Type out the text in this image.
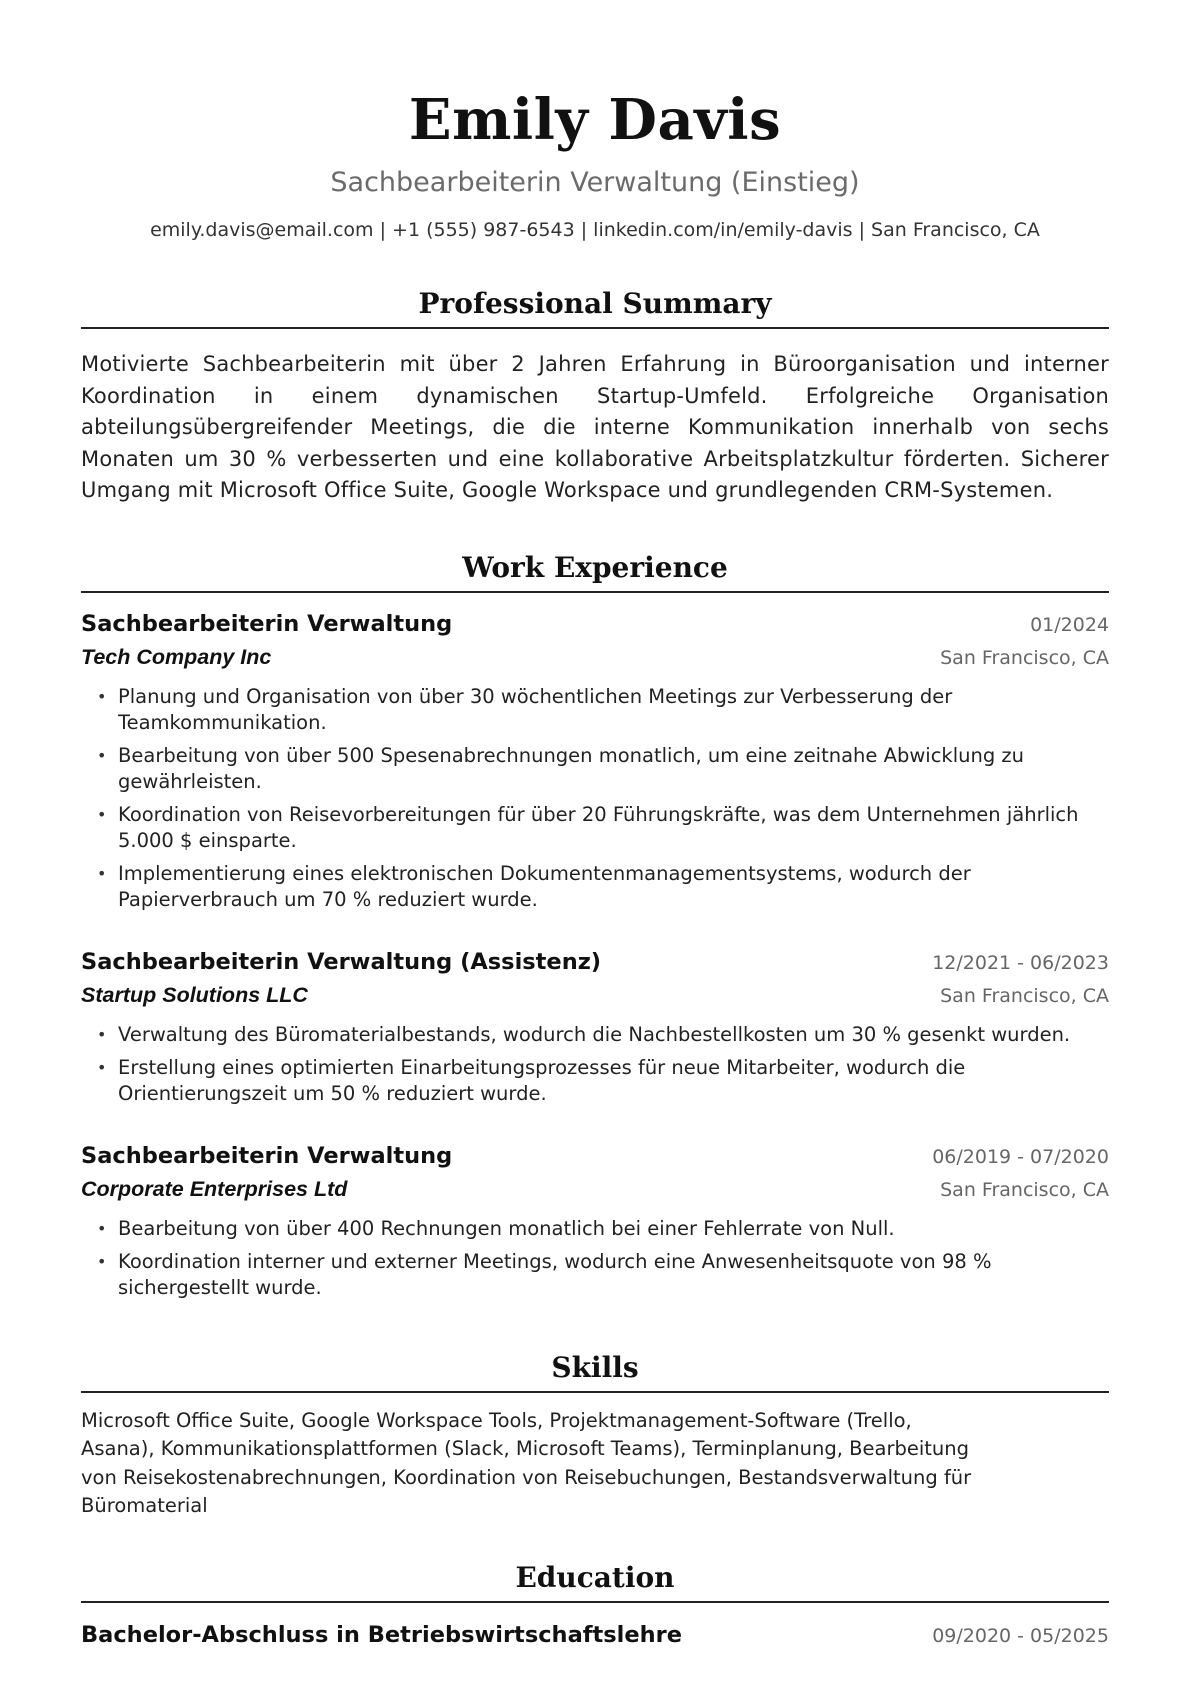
Emily Davis
Sachbearbeiterin Verwaltung (Einstieg)
emily.davis@email.com | +1 (555) 987-6543 | linkedin.com/in/emily-davis | San Francisco, CA
Professional Summary
Motivierte Sachbearbeiterin mit über 2 Jahren Erfahrung in Büroorganisation und interner Koordination in einem dynamischen Startup-Umfeld. Erfolgreiche Organisation abteilungsübergreifender Meetings, die die interne Kommunikation innerhalb von sechs Monaten um 30 % verbesserten und eine kollaborative Arbeitsplatzkultur förderten. Sicherer Umgang mit Microsoft Office Suite, Google Workspace und grundlegenden CRM-Systemen.
Work Experience
Sachbearbeiterin Verwaltung	01/2024
Tech Company Inc	San Francisco, CA
• Planung und Organisation von über 30 wöchentlichen Meetings zur Verbesserung der Teamkommunikation.
• Bearbeitung von über 500 Spesenabrechnungen monatlich, um eine zeitnahe Abwicklung zu gewährleisten.
• Koordination von Reisevorbereitungen für über 20 Führungskräfte, was dem Unternehmen jährlich 5.000 $ einsparte.
• Implementierung eines elektronischen Dokumentenmanagementsystems, wodurch der Papierverbrauch um 70 % reduziert wurde.
Sachbearbeiterin Verwaltung (Assistenz)	12/2021 - 06/2023
Startup Solutions LLC	San Francisco, CA
• Verwaltung des Büromaterialbestands, wodurch die Nachbestellkosten um 30 % gesenkt wurden.
• Erstellung eines optimierten Einarbeitungsprozesses für neue Mitarbeiter, wodurch die Orientierungszeit um 50 % reduziert wurde.
Sachbearbeiterin Verwaltung	06/2019 - 07/2020
Corporate Enterprises Ltd	San Francisco, CA
• Bearbeitung von über 400 Rechnungen monatlich bei einer Fehlerrate von Null.
• Koordination interner und externer Meetings, wodurch eine Anwesenheitsquote von 98 % sichergestellt wurde.
Skills
Microsoft Office Suite, Google Workspace Tools, Projektmanagement-Software (Trello, Asana), Kommunikationsplattformen (Slack, Microsoft Teams), Terminplanung, Bearbeitung von Reisekostenabrechnungen, Koordination von Reisebuchungen, Bestandsverwaltung für Büromaterial
Education
Bachelor-Abschluss in Betriebswirtschaftslehre	09/2020 - 05/2025
